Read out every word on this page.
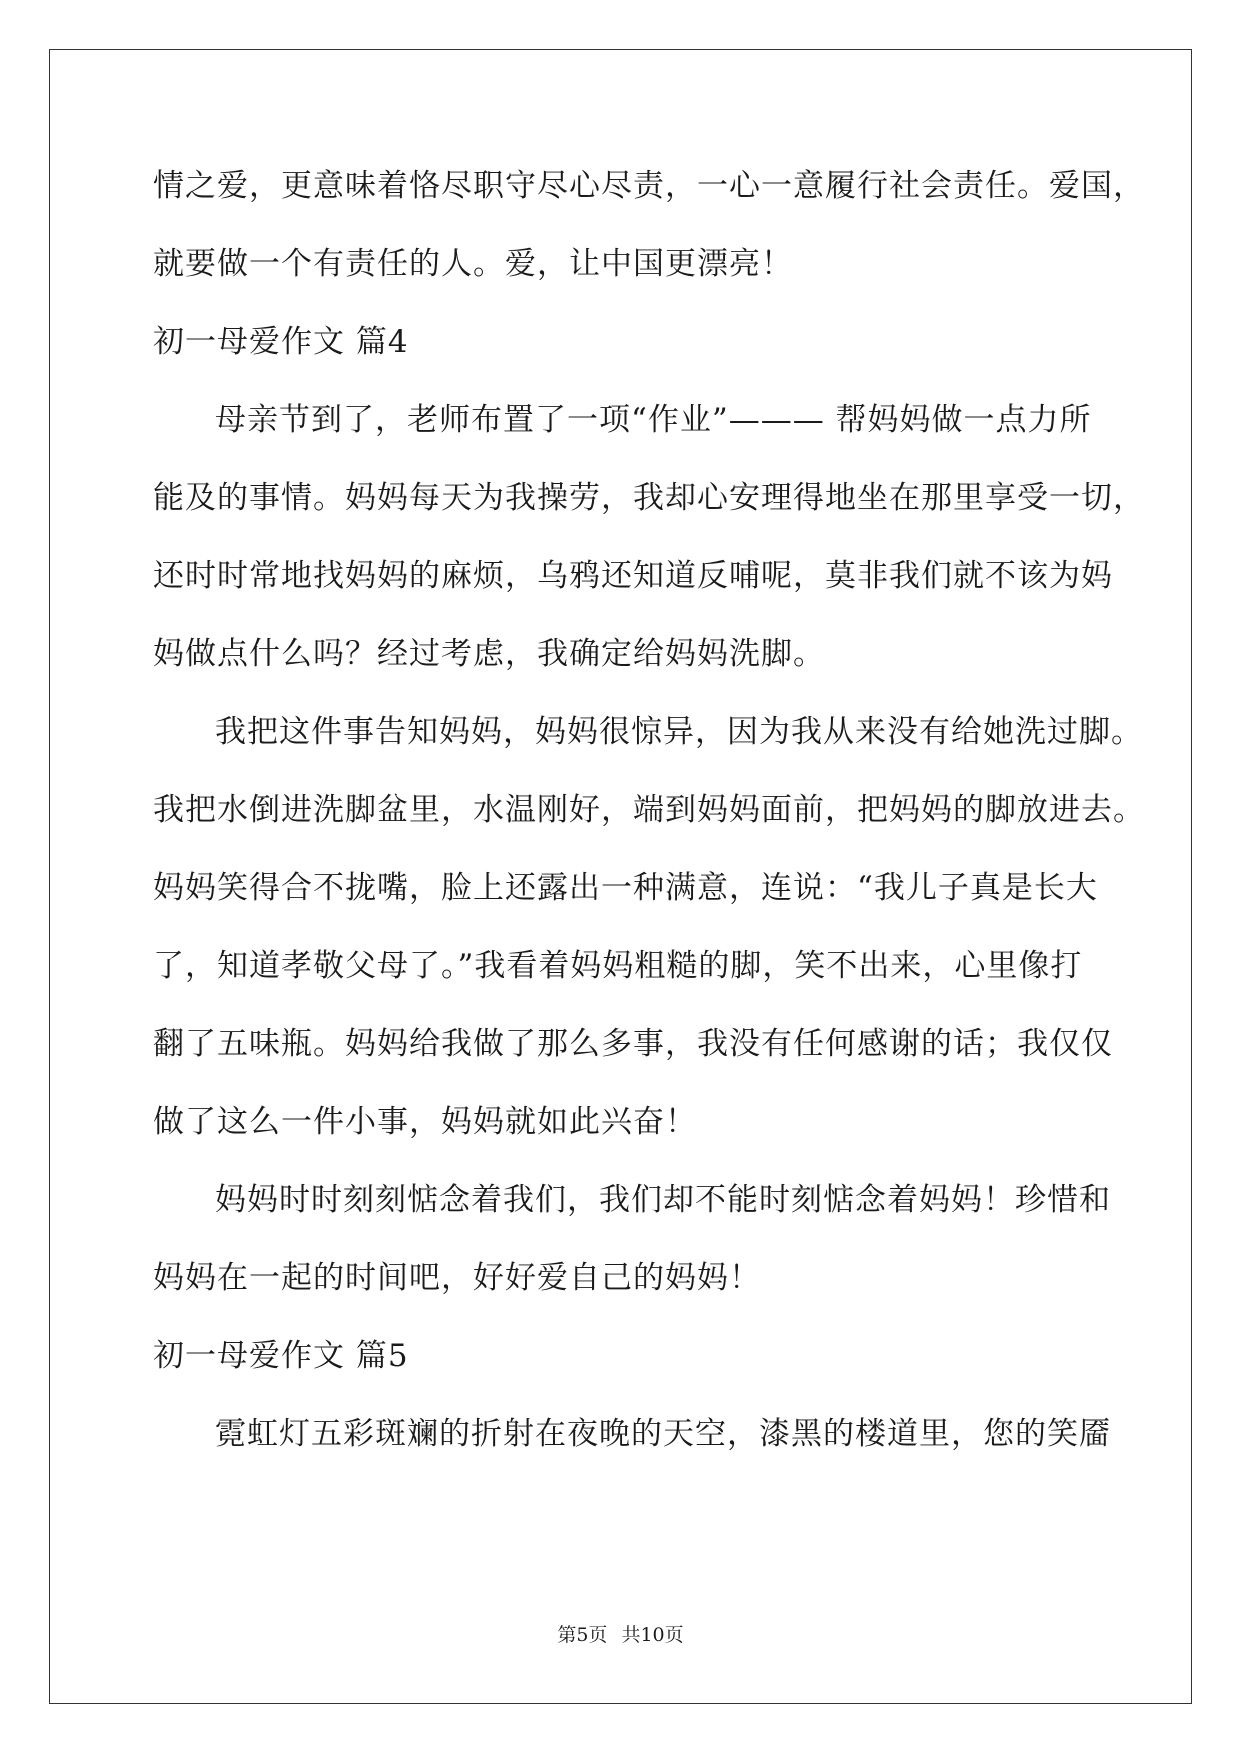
情之爱，更意味着恪尽职守尽心尽责，一心一意履行社会责任。爱国，
就要做一个有责任的人。爱，让中国更漂亮！
初一母爱作文 篇4
母亲节到了，老师布置了一项“作业”——— 帮妈妈做一点力所
能及的事情。妈妈每天为我操劳，我却心安理得地坐在那里享受一切，
还时时常地找妈妈的麻烦，乌鸦还知道反哺呢，莫非我们就不该为妈
妈做点什么吗？经过考虑，我确定给妈妈洗脚。
我把这件事告知妈妈，妈妈很惊异，因为我从来没有给她洗过脚。
我把水倒进洗脚盆里，水温刚好，端到妈妈面前，把妈妈的脚放进去。
妈妈笑得合不拢嘴，脸上还露出一种满意，连说：“我儿子真是长大
了，知道孝敬父母了。”我看着妈妈粗糙的脚，笑不出来，心里像打
翻了五味瓶。妈妈给我做了那么多事，我没有任何感谢的话；我仅仅
做了这么一件小事，妈妈就如此兴奋！
妈妈时时刻刻惦念着我们，我们却不能时刻惦念着妈妈！珍惜和
妈妈在一起的时间吧，好好爱自己的妈妈！
初一母爱作文 篇5
霓虹灯五彩斑斓的折射在夜晚的天空，漆黑的楼道里，您的笑靥
第5页 共10页
